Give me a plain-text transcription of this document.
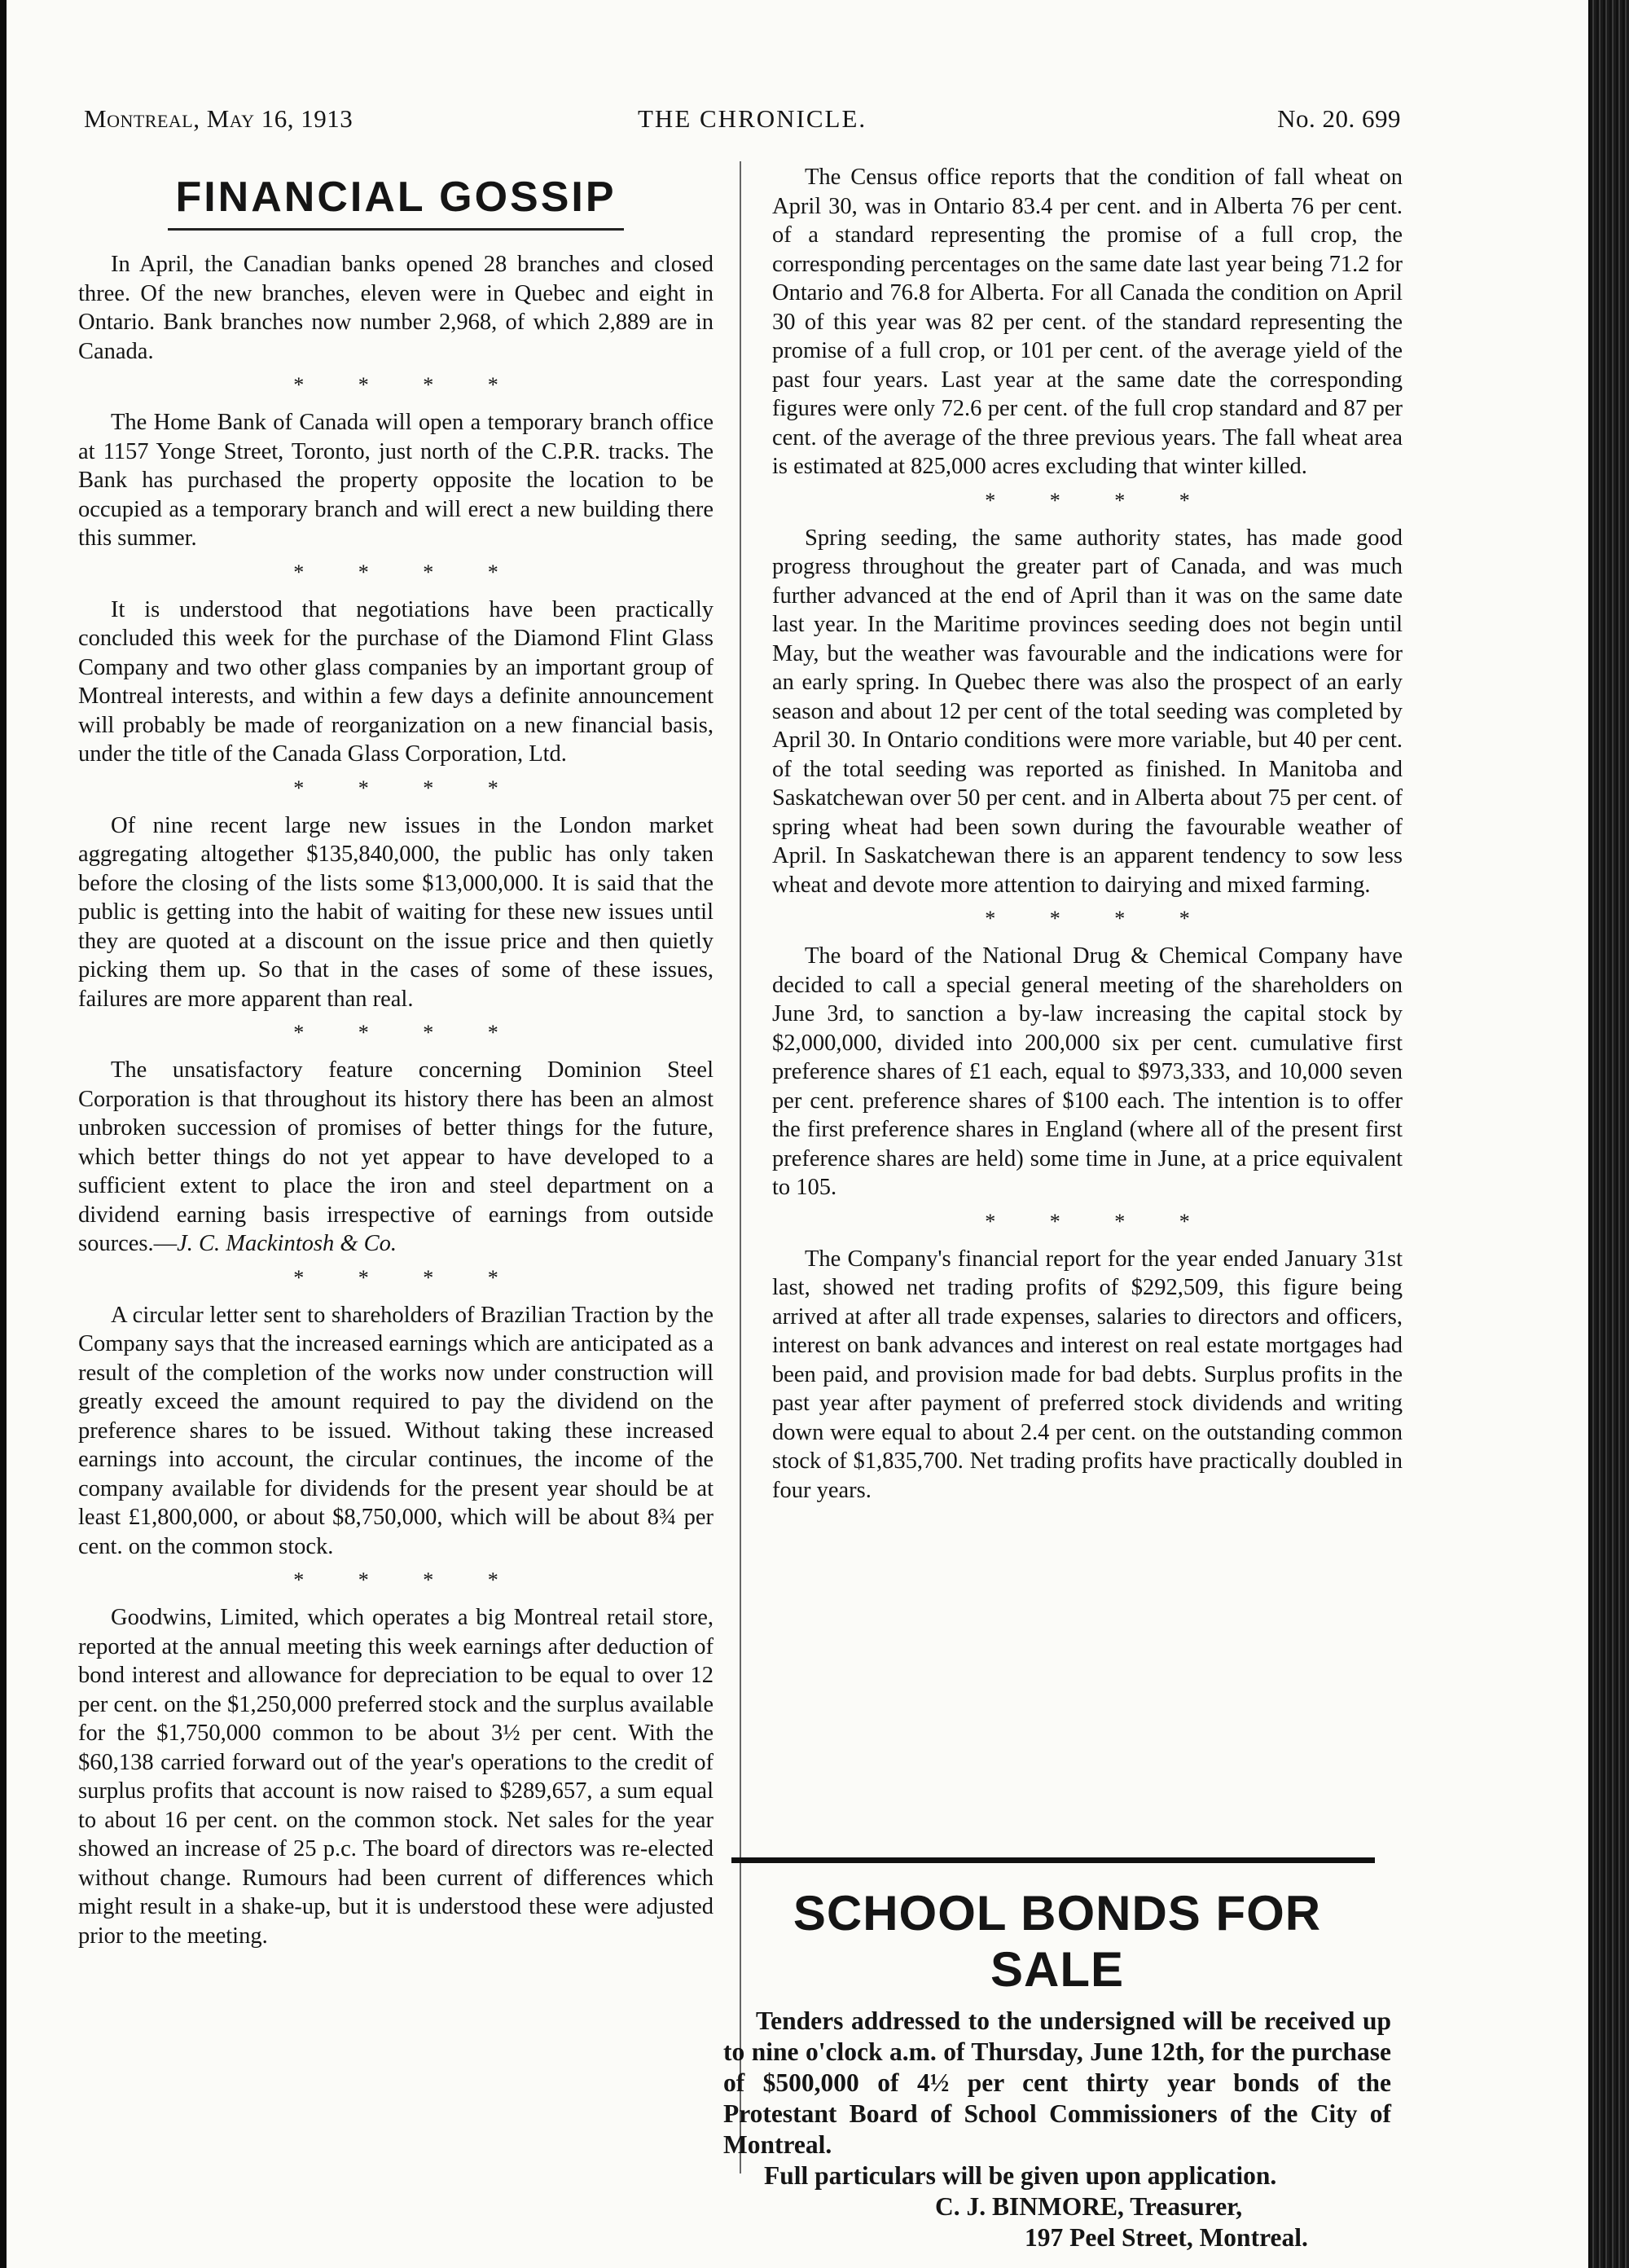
Montreal, May 16, 1913	THE CHRONICLE.	No. 20. 699
FINANCIAL GOSSIP

In April, the Canadian banks opened 28 branches and closed three. Of the new branches, eleven were in Quebec and eight in Ontario. Bank branches now number 2,968, of which 2,889 are in Canada.

* * * *

The Home Bank of Canada will open a temporary branch office at 1157 Yonge Street, Toronto, just north of the C.P.R. tracks. The Bank has purchased the property opposite the location to be occupied as a temporary branch and will erect a new building there this summer.

* * * *

It is understood that negotiations have been practically concluded this week for the purchase of the Diamond Flint Glass Company and two other glass companies by an important group of Montreal interests, and within a few days a definite announcement will probably be made of reorganization on a new financial basis, under the title of the Canada Glass Corporation, Ltd.

* * * *

Of nine recent large new issues in the London market aggregating altogether $135,840,000, the public has only taken before the closing of the lists some $13,000,000. It is said that the public is getting into the habit of waiting for these new issues until they are quoted at a discount on the issue price and then quietly picking them up. So that in the cases of some of these issues, failures are more apparent than real.

* * * *

The unsatisfactory feature concerning Dominion Steel Corporation is that throughout its history there has been an almost unbroken succession of promises of better things for the future, which better things do not yet appear to have developed to a sufficient extent to place the iron and steel department on a dividend earning basis irrespective of earnings from outside sources.—J. C. Mackintosh & Co.

* * * *

A circular letter sent to shareholders of Brazilian Traction by the Company says that the increased earnings which are anticipated as a result of the completion of the works now under construction will greatly exceed the amount required to pay the dividend on the preference shares to be issued. Without taking these increased earnings into account, the circular continues, the income of the company available for dividends for the present year should be at least £1,800,000, or about $8,750,000, which will be about 8¾ per cent. on the common stock.

* * * *

Goodwins, Limited, which operates a big Montreal retail store, reported at the annual meeting this week earnings after deduction of bond interest and allowance for depreciation to be equal to over 12 per cent. on the $1,250,000 preferred stock and the surplus available for the $1,750,000 common to be about 3½ per cent. With the $60,138 carried forward out of the year's operations to the credit of surplus profits that account is now raised to $289,657, a sum equal to about 16 per cent. on the common stock. Net sales for the year showed an increase of 25 p.c. The board of directors was re-elected without change. Rumours had been current of differences which might result in a shake-up, but it is understood these were adjusted prior to the meeting.

The Census office reports that the condition of fall wheat on April 30, was in Ontario 83.4 per cent. and in Alberta 76 per cent. of a standard representing the promise of a full crop, the corresponding percentages on the same date last year being 71.2 for Ontario and 76.8 for Alberta. For all Canada the condition on April 30 of this year was 82 per cent. of the standard representing the promise of a full crop, or 101 per cent. of the average yield of the past four years. Last year at the same date the corresponding figures were only 72.6 per cent. of the full crop standard and 87 per cent. of the average of the three previous years. The fall wheat area is estimated at 825,000 acres excluding that winter killed.

* * * *

Spring seeding, the same authority states, has made good progress throughout the greater part of Canada, and was much further advanced at the end of April than it was on the same date last year. In the Maritime provinces seeding does not begin until May, but the weather was favourable and the indications were for an early spring. In Quebec there was also the prospect of an early season and about 12 per cent of the total seeding was completed by April 30. In Ontario conditions were more variable, but 40 per cent. of the total seeding was reported as finished. In Manitoba and Saskatchewan over 50 per cent. and in Alberta about 75 per cent. of spring wheat had been sown during the favourable weather of April. In Saskatchewan there is an apparent tendency to sow less wheat and devote more attention to dairying and mixed farming.

* * * *

The board of the National Drug & Chemical Company have decided to call a special general meeting of the shareholders on June 3rd, to sanction a by-law increasing the capital stock by $2,000,000, divided into 200,000 six per cent. cumulative first preference shares of £1 each, equal to $973,333, and 10,000 seven per cent. preference shares of $100 each. The intention is to offer the first preference shares in England (where all of the present first preference shares are held) some time in June, at a price equivalent to 105.

* * * *

The Company's financial report for the year ended January 31st last, showed net trading profits of $292,509, this figure being arrived at after all trade expenses, salaries to directors and officers, interest on bank advances and interest on real estate mortgages had been paid, and provision made for bad debts. Surplus profits in the past year after payment of preferred stock dividends and writing down were equal to about 2.4 per cent. on the outstanding common stock of $1,835,700. Net trading profits have practically doubled in four years.

SCHOOL BONDS FOR SALE

Tenders addressed to the undersigned will be received up to nine o'clock a.m. of Thursday, June 12th, for the purchase of $500,000 of 4½ per cent thirty year bonds of the Protestant Board of School Commissioners of the City of Montreal.

Full particulars will be given upon application.
C. J. BINMORE, Treasurer,
197 Peel Street, Montreal.
